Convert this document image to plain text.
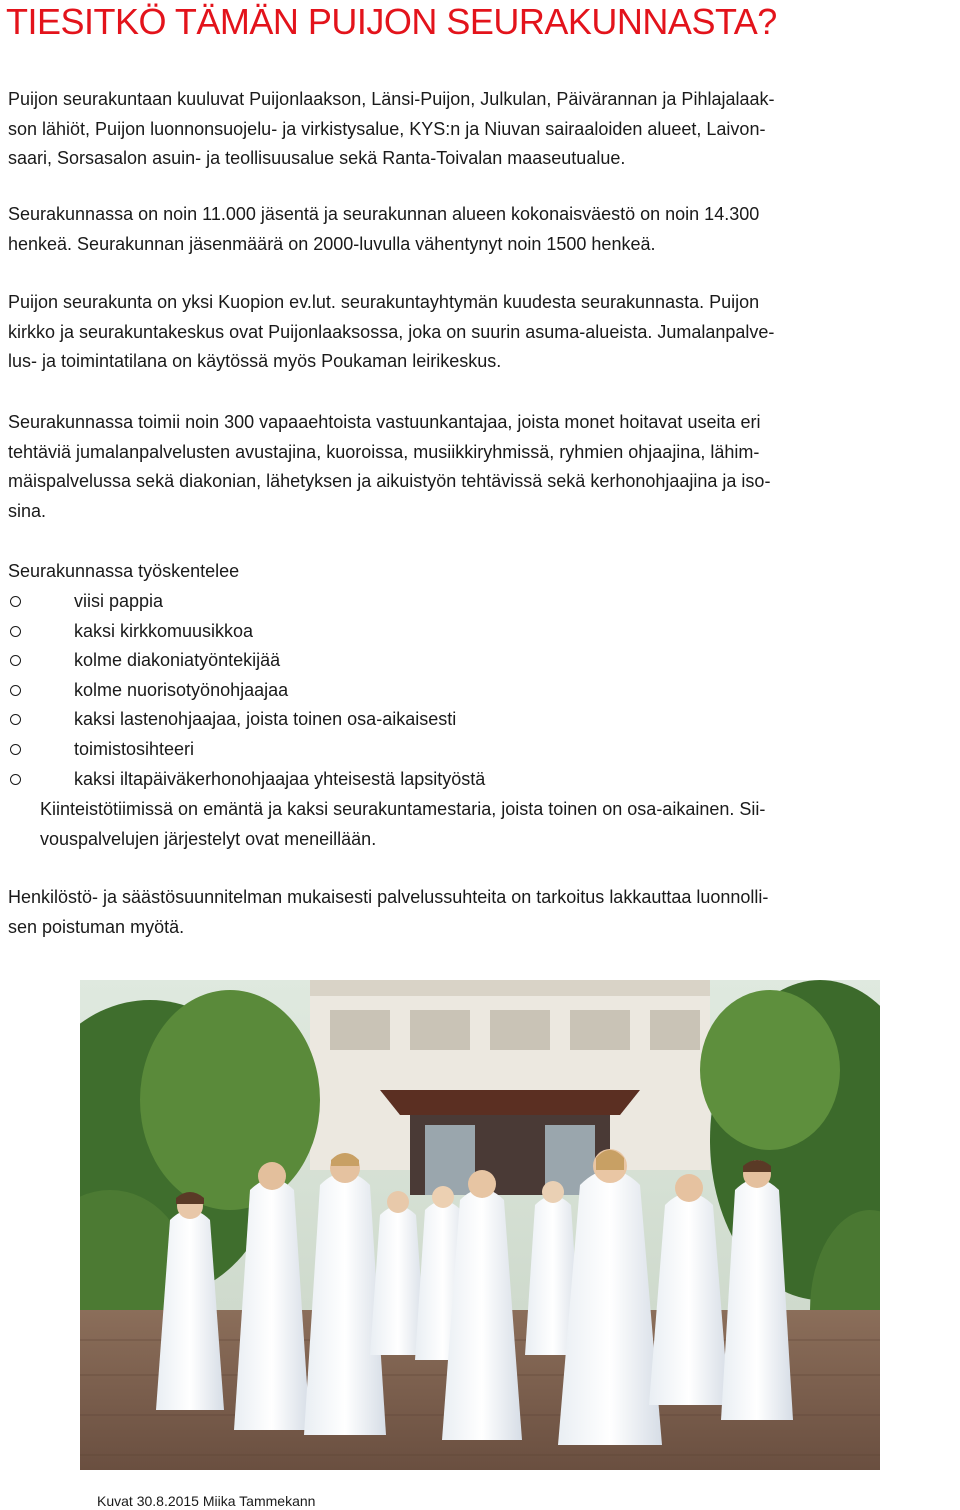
TIESITKÖ TÄMÄN PUIJON SEURAKUNNASTA?
Puijon seurakuntaan kuuluvat Puijonlaakson, Länsi-Puijon, Julkulan, Päivärannan ja Pihlajalaak-
son lähiöt, Puijon luonnonsuojelu- ja virkistysalue, KYS:n ja Niuvan sairaaloiden alueet, Laivon-
saari, Sorsasalon asuin- ja teollisuusalue sekä Ranta-Toivalan maaseutualue.
Seurakunnassa on noin 11.000 jäsentä ja seurakunnan alueen kokonaisväestö on noin 14.300
henkeä. Seurakunnan jäsenmäärä on 2000-luvulla vähentynyt noin 1500 henkeä.
Puijon seurakunta on yksi Kuopion ev.lut. seurakuntayhtymän kuudesta seurakunnasta. Puijon
kirkko ja seurakuntakeskus ovat Puijonlaaksossa, joka on suurin asuma-alueista. Jumalanpalve-
lus- ja toimintatilana on käytössä myös Poukaman leirikeskus.
Seurakunnassa toimii noin 300 vapaaehtoista vastuunkantajaa, joista monet hoitavat useita eri
tehtäviä jumalanpalvelusten avustajina, kuoroissa, musiikkiryhmissä, ryhmien ohjaajina, lähim-
mäispalvelussa sekä diakonian, lähetyksen ja aikuistyön tehtävissä sekä kerhonohjaajina ja iso-
sina.
Seurakunnassa työskentelee
viisi pappia
kaksi kirkkomuusikkoa
kolme diakoniatyöntekijää
kolme nuorisotyönohjaajaa
kaksi lastenohjaajaa, joista toinen osa-aikaisesti
toimistosihteeri
kaksi iltapäiväkerhonohjaajaa yhteisestä lapsityöstä
Kiinteistötiimissä on emäntä ja kaksi seurakuntamestaria, joista toinen on osa-aikainen. Sii-
vouspalvelujen järjestelyt ovat meneillään.
Henkilöstö- ja säästösuunnitelman mukaisesti palvelussuhteita on tarkoitus lakkauttaa luonnolli-
sen poistuman myötä.

Kuvat 30.8.2015 Miika Tammekann
